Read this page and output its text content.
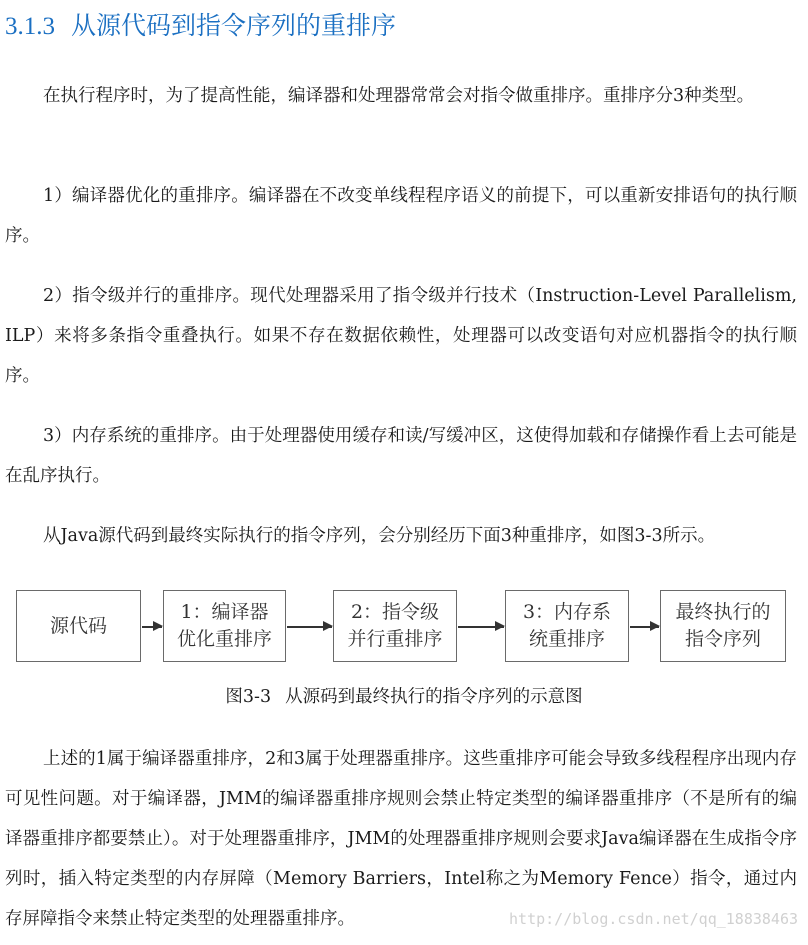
3.1.3 从源代码到指令序列的重排序

在执行程序时，为了提高性能，编译器和处理器常常会对指令做重排序。重排序分3种类型。

1）编译器优化的重排序。编译器在不改变单线程程序语义的前提下，可以重新安排语句的执行顺序。

2）指令级并行的重排序。现代处理器采用了指令级并行技术（Instruction-Level Parallelism, ILP）来将多条指令重叠执行。如果不存在数据依赖性，处理器可以改变语句对应机器指令的执行顺序。

3）内存系统的重排序。由于处理器使用缓存和读/写缓冲区，这使得加载和存储操作看上去可能是在乱序执行。

从Java源代码到最终实际执行的指令序列，会分别经历下面3种重排序，如图3-3所示。

源代码
1：编译器
优化重排序
2：指令级
并行重排序
3：内存系
统重排序
最终执行的
指令序列

图3-3 从源码到最终执行的指令序列的示意图

上述的1属于编译器重排序，2和3属于处理器重排序。这些重排序可能会导致多线程程序出现内存可见性问题。对于编译器，JMM的编译器重排序规则会禁止特定类型的编译器重排序（不是所有的编译器重排序都要禁止）。对于处理器重排序，JMM的处理器重排序规则会要求Java编译器在生成指令序列时，插入特定类型的内存屏障（Memory Barriers，Intel称之为Memory Fence）指令，通过内存屏障指令来禁止特定类型的处理器重排序。	http://blog.csdn.net/qq_18838463
